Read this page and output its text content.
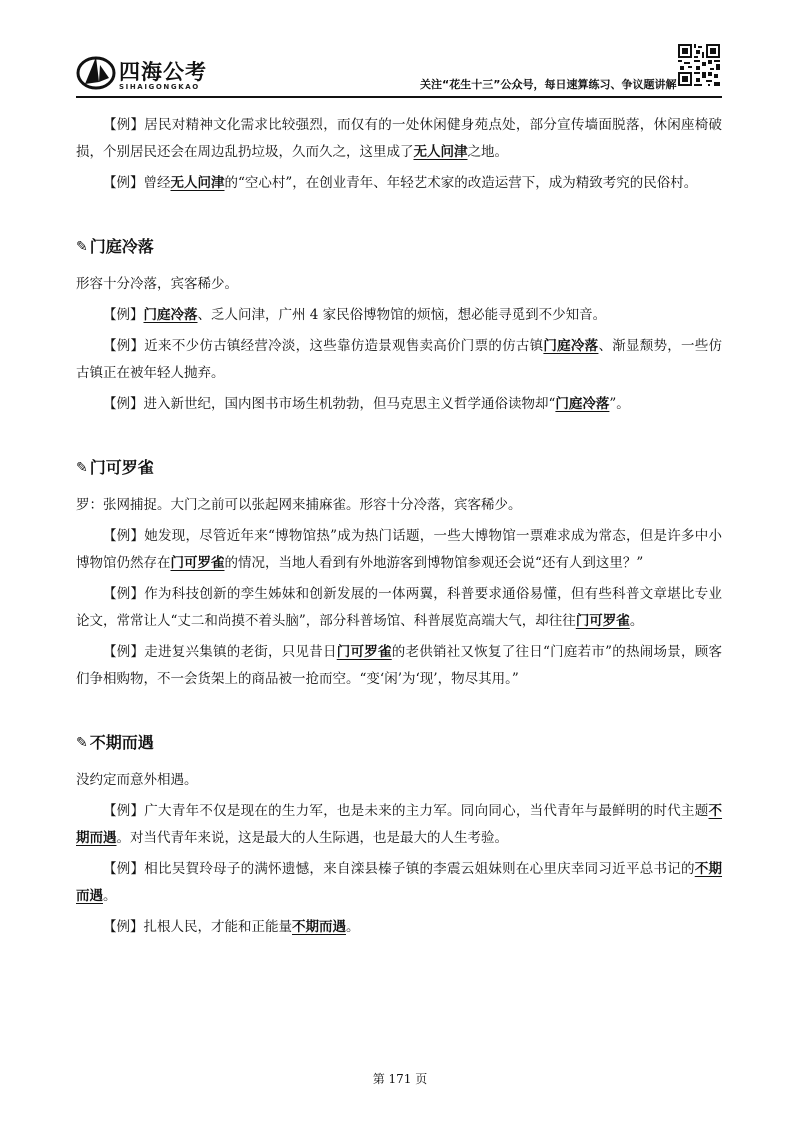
四海公考
SIHAIGONGKAO	关注“花生十三”公众号，每日速算练习、争议题讲解

【例】居民对精神文化需求比较强烈，而仅有的一处休闲健身苑点处，部分宣传墙面脱落，休闲座椅破损，个别居民还会在周边乱扔垃圾，久而久之，这里成了无人问津之地。

【例】曾经无人问津的“空心村”，在创业青年、年轻艺术家的改造运营下，成为精致考究的民俗村。

✎ 门庭冷落

形容十分冷落，宾客稀少。

【例】门庭冷落、乏人问津，广州 4 家民俗博物馆的烦恼，想必能寻觅到不少知音。

【例】近来不少仿古镇经营冷淡，这些靠仿造景观售卖高价门票的仿古镇门庭冷落、渐显颓势，一些仿古镇正在被年轻人抛弃。

【例】进入新世纪，国内图书市场生机勃勃，但马克思主义哲学通俗读物却“门庭冷落”。

✎ 门可罗雀

罗：张网捕捉。大门之前可以张起网来捕麻雀。形容十分冷落，宾客稀少。

【例】她发现，尽管近年来“博物馆热”成为热门话题，一些大博物馆一票难求成为常态，但是许多中小博物馆仍然存在门可罗雀的情况，当地人看到有外地游客到博物馆参观还会说“还有人到这里？”

【例】作为科技创新的孪生姊妹和创新发展的一体两翼，科普要求通俗易懂，但有些科普文章堪比专业论文，常常让人“丈二和尚摸不着头脑”，部分科普场馆、科普展览高端大气，却往往门可罗雀。

【例】走进复兴集镇的老街，只见昔日门可罗雀的老供销社又恢复了往日“门庭若市”的热闹场景，顾客们争相购物，不一会货架上的商品被一抢而空。“变‘闲’为‘现’，物尽其用。”

✎ 不期而遇

没约定而意外相遇。

【例】广大青年不仅是现在的生力军，也是未来的主力军。同向同心，当代青年与最鲜明的时代主题不期而遇。对当代青年来说，这是最大的人生际遇，也是最大的人生考验。

【例】相比吴賀玲母子的满怀遗憾，来自滦县榛子镇的李震云姐妹则在心里庆幸同习近平总书记的不期而遇。

【例】扎根人民，才能和正能量不期而遇。

第 171 页
